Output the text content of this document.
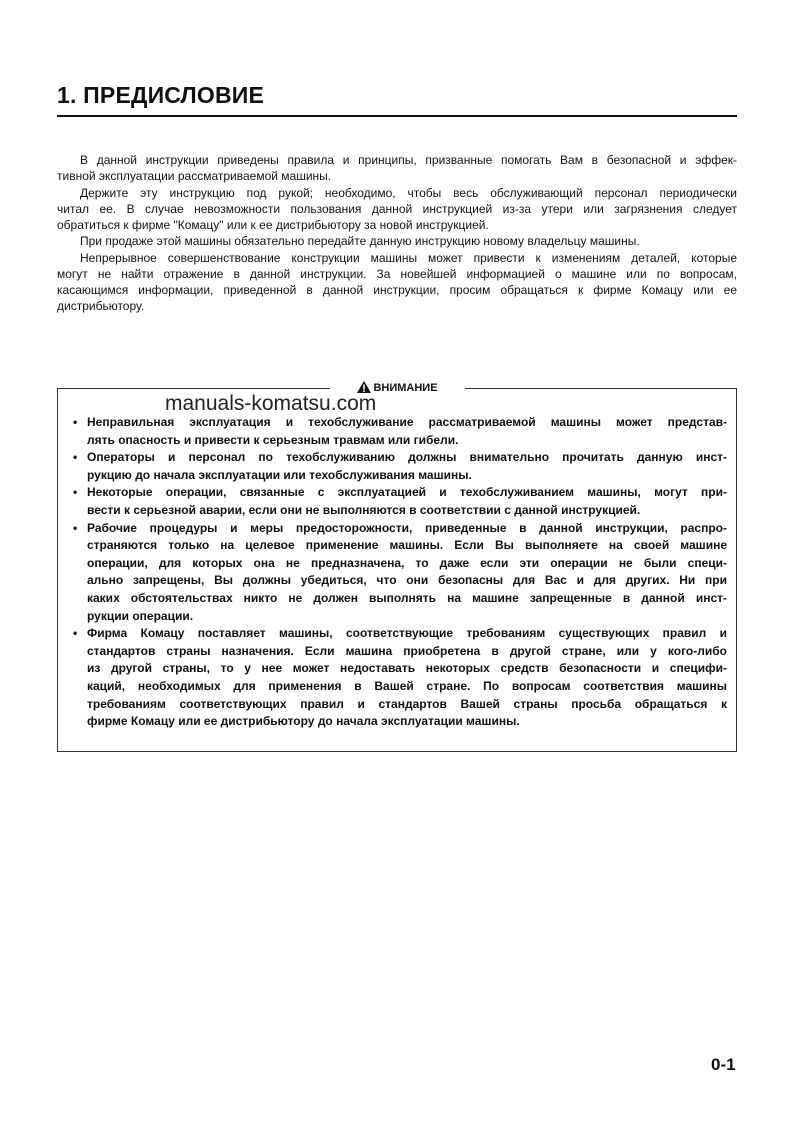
1. ПРЕДИСЛОВИЕ
В данной инструкции приведены правила и принципы, призванные помогать Вам в безопасной и эффек-
тивной эксплуатации рассматриваемой машины.
Держите эту инструкцию под рукой; необходимо, чтобы весь обслуживающий персонал периодически
читал ее. В случае невозможности пользования данной инструкцией из-за утери или загрязнения следует
обратиться к фирме "Комацу" или к ее дистрибьютору за новой инструкцией.
При продаже этой машины обязательно передайте данную инструкцию новому владельцу машины.
Непрерывное совершенствование конструкции машины может привести к изменениям деталей, которые
могут не найти отражение в данной инструкции. За новейшей информацией о машине или по вопросам,
касающимся информации, приведенной в данной инструкции, просим обращаться к фирме Комацу или ее
дистрибьютору.
ВНИМАНИЕ
manuals-komatsu.com
• Неправильная эксплуатация и техобслуживание рассматриваемой машины может представ-
лять опасность и привести к серьезным травмам или гибели.
• Операторы и персонал по техобслуживанию должны внимательно прочитать данную инст-
рукцию до начала эксплуатации или техобслуживания машины.
• Некоторые операции, связанные с эксплуатацией и техобслуживанием машины, могут при-
вести к серьезной аварии, если они не выполняются в соответствии с данной инструкцией.
• Рабочие процедуры и меры предосторожности, приведенные в данной инструкции, распро-
страняются только на целевое применение машины. Если Вы выполняете на своей машине
операции, для которых она не предназначена, то даже если эти операции не были специ-
ально запрещены, Вы должны убедиться, что они безопасны для Вас и для других. Ни при
каких обстоятельствах никто не должен выполнять на машине запрещенные в данной инст-
рукции операции.
• Фирма Комацу поставляет машины, соответствующие требованиям существующих правил и
стандартов страны назначения. Если машина приобретена в другой стране, или у кого-либо
из другой страны, то у нее может недоставать некоторых средств безопасности и специфи-
каций, необходимых для применения в Вашей стране. По вопросам соответствия машины
требованиям соответствующих правил и стандартов Вашей страны просьба обращаться к
фирме Комацу или ее дистрибьютору до начала эксплуатации машины.
0-1
